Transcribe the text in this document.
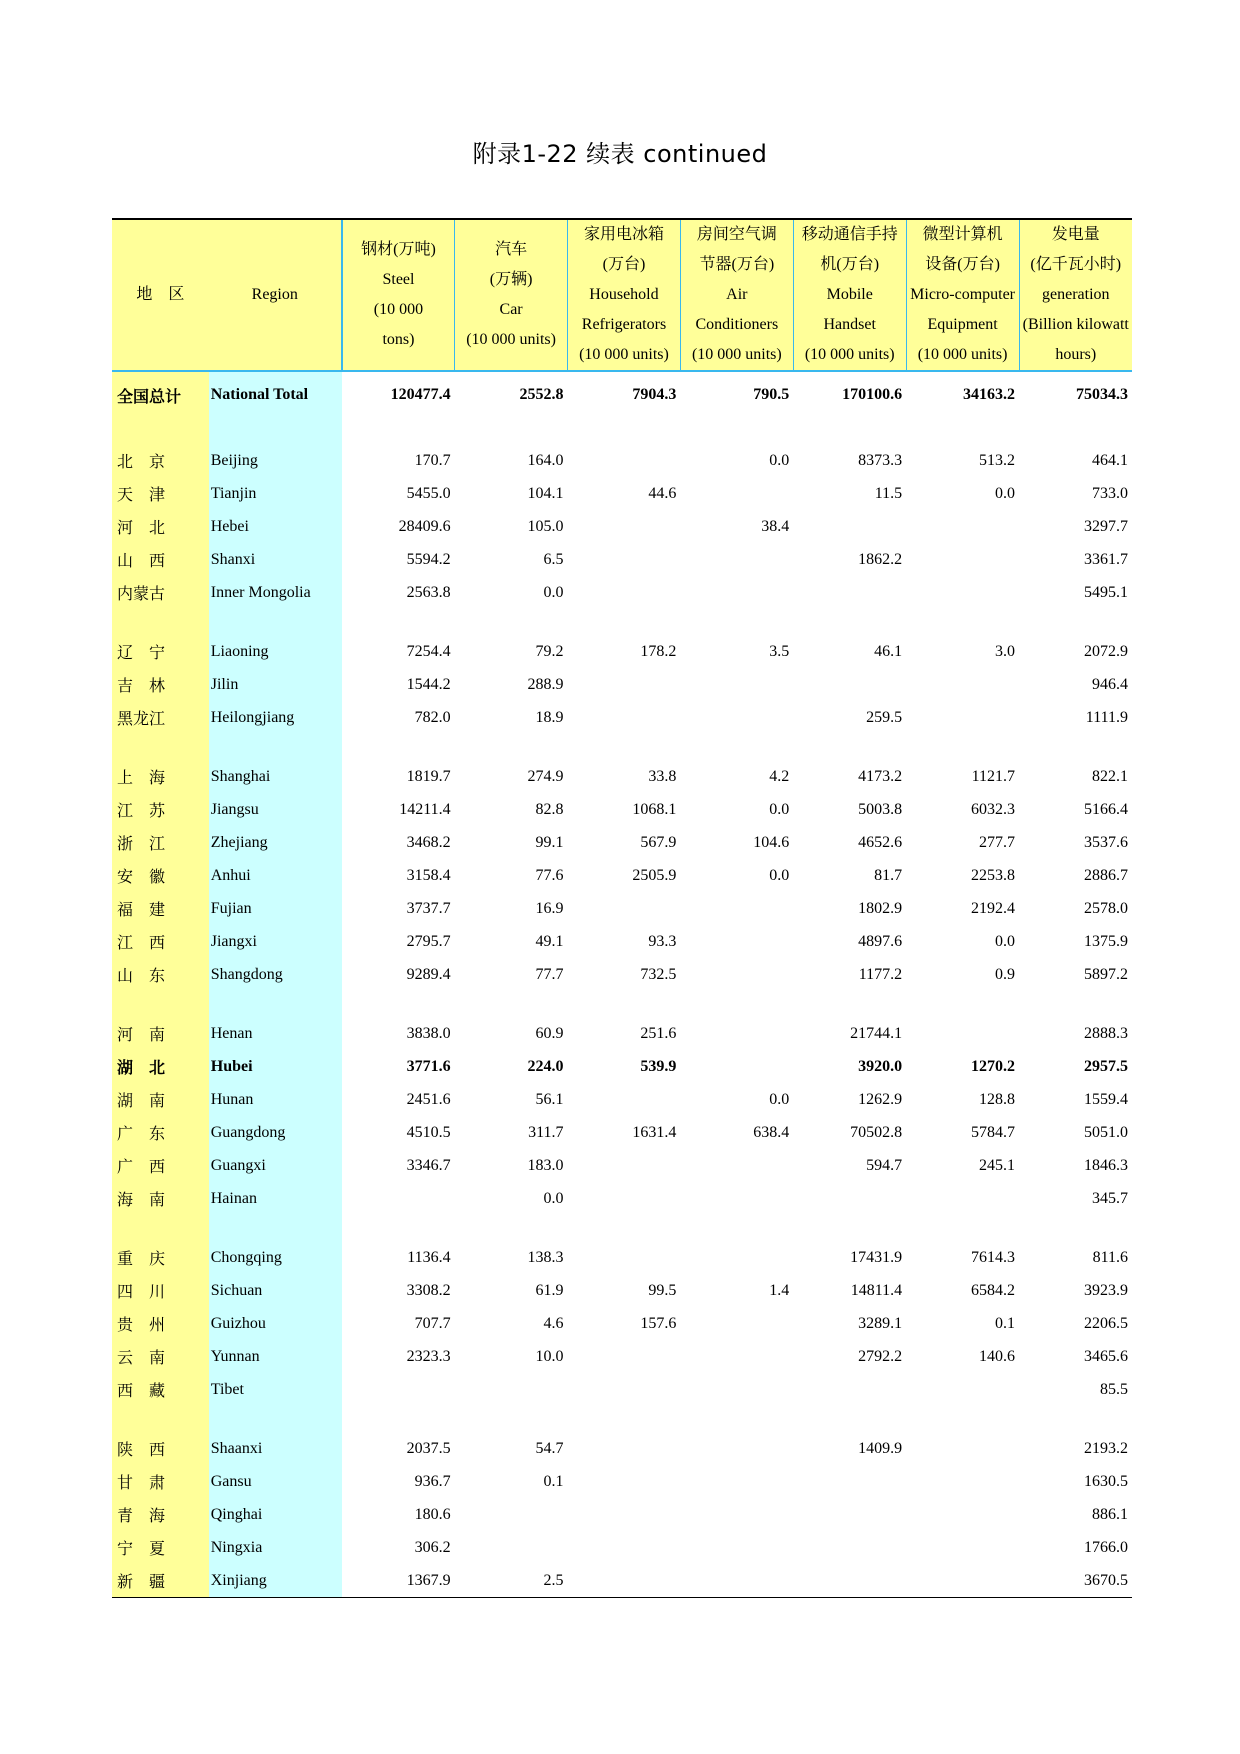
附录1-22 续表 continued
地　区	Region	钢材(万吨)
Steel
(10 000
tons)	汽车
(万辆)
Car
(10 000 units)	家用电冰箱
(万台)
Household
Refrigerators
(10 000 units)	房间空气调
节器(万台)
Air
Conditioners
(10 000 units)	移动通信手持
机(万台)
Mobile
Handset
(10 000 units)	微型计算机
设备(万台)
Micro-computer
Equipment
(10 000 units)	发电量
(亿千瓦小时)
generation
(Billion kilowatt
hours)

全国总计	National Total	120477.4	2552.8	7904.3	790.5	170100.6	34163.2	75034.3

北　京	Beijing	170.7	164.0		0.0	8373.3	513.2	464.1
天　津	Tianjin	5455.0	104.1	44.6		11.5	0.0	733.0
河　北	Hebei	28409.6	105.0		38.4			3297.7
山　西	Shanxi	5594.2	6.5			1862.2		3361.7
内蒙古	Inner Mongolia	2563.8	0.0					5495.1

辽　宁	Liaoning	7254.4	79.2	178.2	3.5	46.1	3.0	2072.9
吉　林	Jilin	1544.2	288.9					946.4
黑龙江	Heilongjiang	782.0	18.9			259.5		1111.9

上　海	Shanghai	1819.7	274.9	33.8	4.2	4173.2	1121.7	822.1
江　苏	Jiangsu	14211.4	82.8	1068.1	0.0	5003.8	6032.3	5166.4
浙　江	Zhejiang	3468.2	99.1	567.9	104.6	4652.6	277.7	3537.6
安　徽	Anhui	3158.4	77.6	2505.9	0.0	81.7	2253.8	2886.7
福　建	Fujian	3737.7	16.9			1802.9	2192.4	2578.0
江　西	Jiangxi	2795.7	49.1	93.3		4897.6	0.0	1375.9
山　东	Shangdong	9289.4	77.7	732.5		1177.2	0.9	5897.2

河　南	Henan	3838.0	60.9	251.6		21744.1		2888.3
湖　北	Hubei	3771.6	224.0	539.9		3920.0	1270.2	2957.5
湖　南	Hunan	2451.6	56.1		0.0	1262.9	128.8	1559.4
广　东	Guangdong	4510.5	311.7	1631.4	638.4	70502.8	5784.7	5051.0
广　西	Guangxi	3346.7	183.0			594.7	245.1	1846.3
海　南	Hainan		0.0					345.7

重　庆	Chongqing	1136.4	138.3			17431.9	7614.3	811.6
四　川	Sichuan	3308.2	61.9	99.5	1.4	14811.4	6584.2	3923.9
贵　州	Guizhou	707.7	4.6	157.6		3289.1	0.1	2206.5
云　南	Yunnan	2323.3	10.0			2792.2	140.6	3465.6
西　藏	Tibet							85.5

陕　西	Shaanxi	2037.5	54.7			1409.9		2193.2
甘　肃	Gansu	936.7	0.1					1630.5
青　海	Qinghai	180.6						886.1
宁　夏	Ningxia	306.2						1766.0
新　疆	Xinjiang	1367.9	2.5					3670.5
